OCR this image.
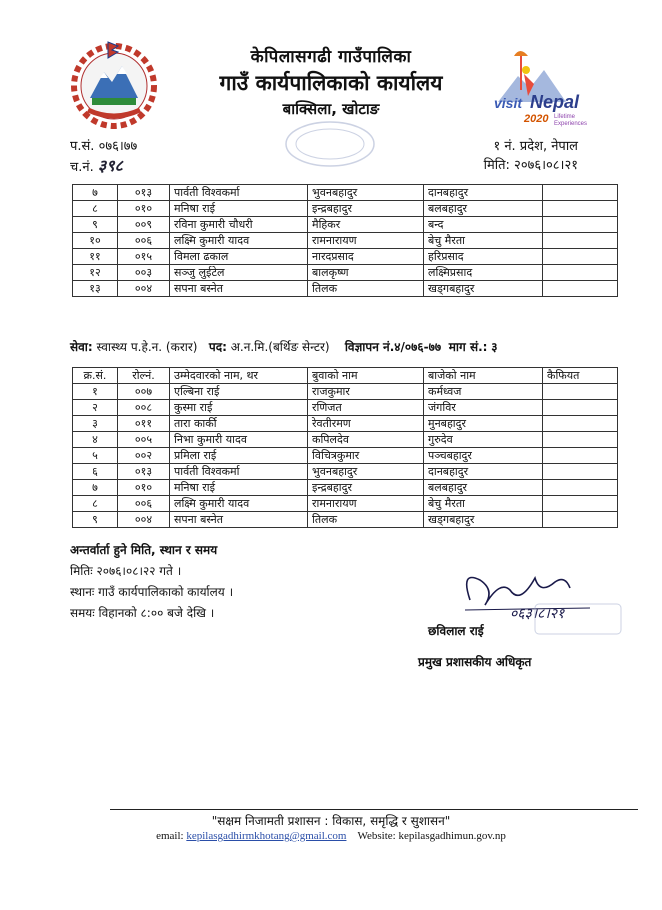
केपिलासगढी गाउँपालिका
गाउँ कार्यपालिकाको कार्यालय
बाक्सिला, खोटाङ	visit Nepal
2020 Lifetime
Experiences
प.सं. ०७६।७७
च.नं. ३९८
१ नं. प्रदेश, नेपाल
मिति: २०७६।०८।२१
७	०१३	पार्वती विश्वकर्मा	भुवनबहादुर	दानबहादुर	
८	०१०	मनिषा राई	इन्द्रबहादुर	बलबहादुर	
९	००९	रविना कुमारी चौधरी	मैहिकर	बन्द	
१०	००६	लक्ष्मि कुमारी यादव	रामनारायण	बेचु मैरता	
११	०१५	विमला ढकाल	नारदप्रसाद	हरिप्रसाद	
१२	००३	सञ्जु लुईटेल	बालकृष्ण	लक्ष्मिप्रसाद	
१३	००४	सपना बस्नेत	तिलक	खड्गबहादुर	
सेवा: स्वास्थ्य प.हे.न. (करार) पद: अ.न.मि.(बर्थिङ सेन्टर) विज्ञापन नं.४/०७६-७७ माग सं.: ३
क्र.सं.	रोल्नं.	उम्मेदवारको नाम, थर	बुवाको नाम	बाजेको नाम	कैफियत
१	००७	एल्बिना राई	राजकुमार	कर्मध्वज	
२	००८	कुस्मा राई	रणिजत	जंगविर	
३	०११	तारा कार्की	रेवतीरमण	मुनबहादुर	
४	००५	निभा कुमारी यादव	कपिलदेव	गुरुदेव	
५	००२	प्रमिला राई	विचित्रकुमार	पञ्चबहादुर	
६	०१३	पार्वती विश्वकर्मा	भुवनबहादुर	दानबहादुर	
७	०१०	मनिषा राई	इन्द्रबहादुर	बलबहादुर	
८	००६	लक्ष्मि कुमारी यादव	रामनारायण	बेचु मैरता	
९	००४	सपना बस्नेत	तिलक	खड्गबहादुर	
अन्तर्वार्ता हुने मिति, स्थान र समय
मितिः २०७६।०८।२२ गते ।
स्थानः गाउँ कार्यपालिकाको कार्यालय ।
समयः विहानको ८:०० बजे देखि ।	०६३।८।२१
छविलाल राई
प्रमुख प्रशासकीय अधिकृत
"सक्षम निजामती प्रशासन : विकास, समृद्धि र सुशासन"
email: kepilasgadhirmkhotang@gmail.com Website: kepilasgadhimun.gov.np
